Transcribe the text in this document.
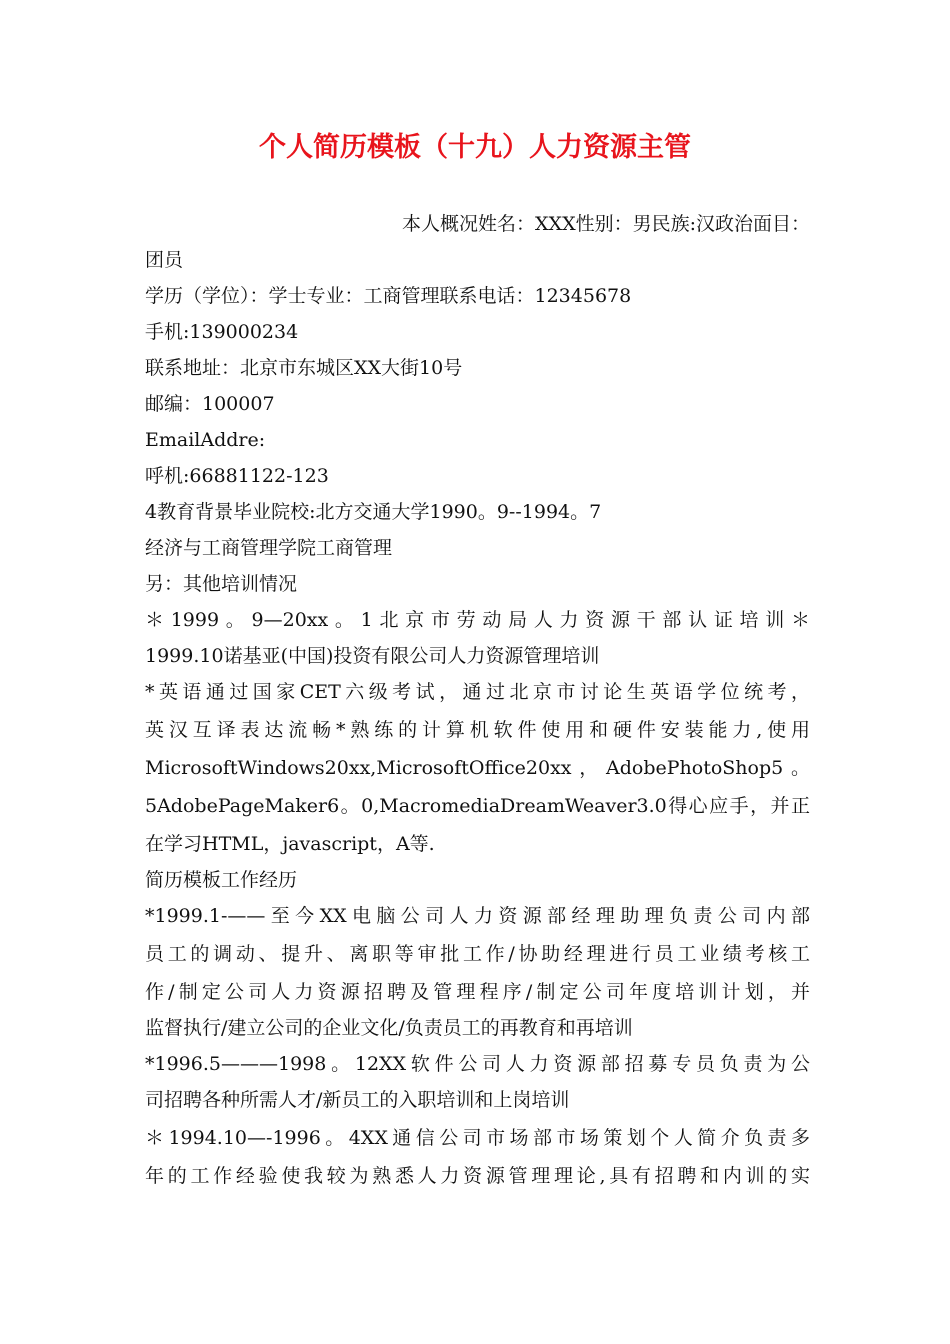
个人简历模板（十九）人力资源主管
本人概况姓名：XXX性别：男民族:汉政治面目：
团员
学历（学位）：学士专业：工商管理联系电话：12345678
手机:139000234
联系地址：北京市东城区XX大街10号
邮编：100007
EmailAddre:
呼机:66881122-123
4教育背景毕业院校:北方交通大学1990。9--1994。7
经济与工商管理学院工商管理
另：其他培训情况
＊1999。9—20xx。1北京市劳动局人力资源干部认证培训＊
1999.10诺基亚(中国)投资有限公司人力资源管理培训
*英语通过国家CET六级考试，通过北京市讨论生英语学位统考，
英汉互译表达流畅*熟练的计算机软件使用和硬件安装能力,使用
MicrosoftWindows20xx,MicrosoftOffice20xx，AdobePhotoShop5。
5AdobePageMaker6。0,MacromediaDreamWeaver3.0得心应手，并正
在学习HTML，javascript，A等.
简历模板工作经历
*1999.1-——至今XX电脑公司人力资源部经理助理负责公司内部
员工的调动、提升、离职等审批工作/协助经理进行员工业绩考核工
作/制定公司人力资源招聘及管理程序/制定公司年度培训计划，并
监督执行/建立公司的企业文化/负责员工的再教育和再培训
*1996.5———1998。12XX软件公司人力资源部招募专员负责为公
司招聘各种所需人才/新员工的入职培训和上岗培训
＊1994.10—-1996。4XX通信公司市场部市场策划个人简介负责多
年的工作经验使我较为熟悉人力资源管理理论,具有招聘和内训的实
